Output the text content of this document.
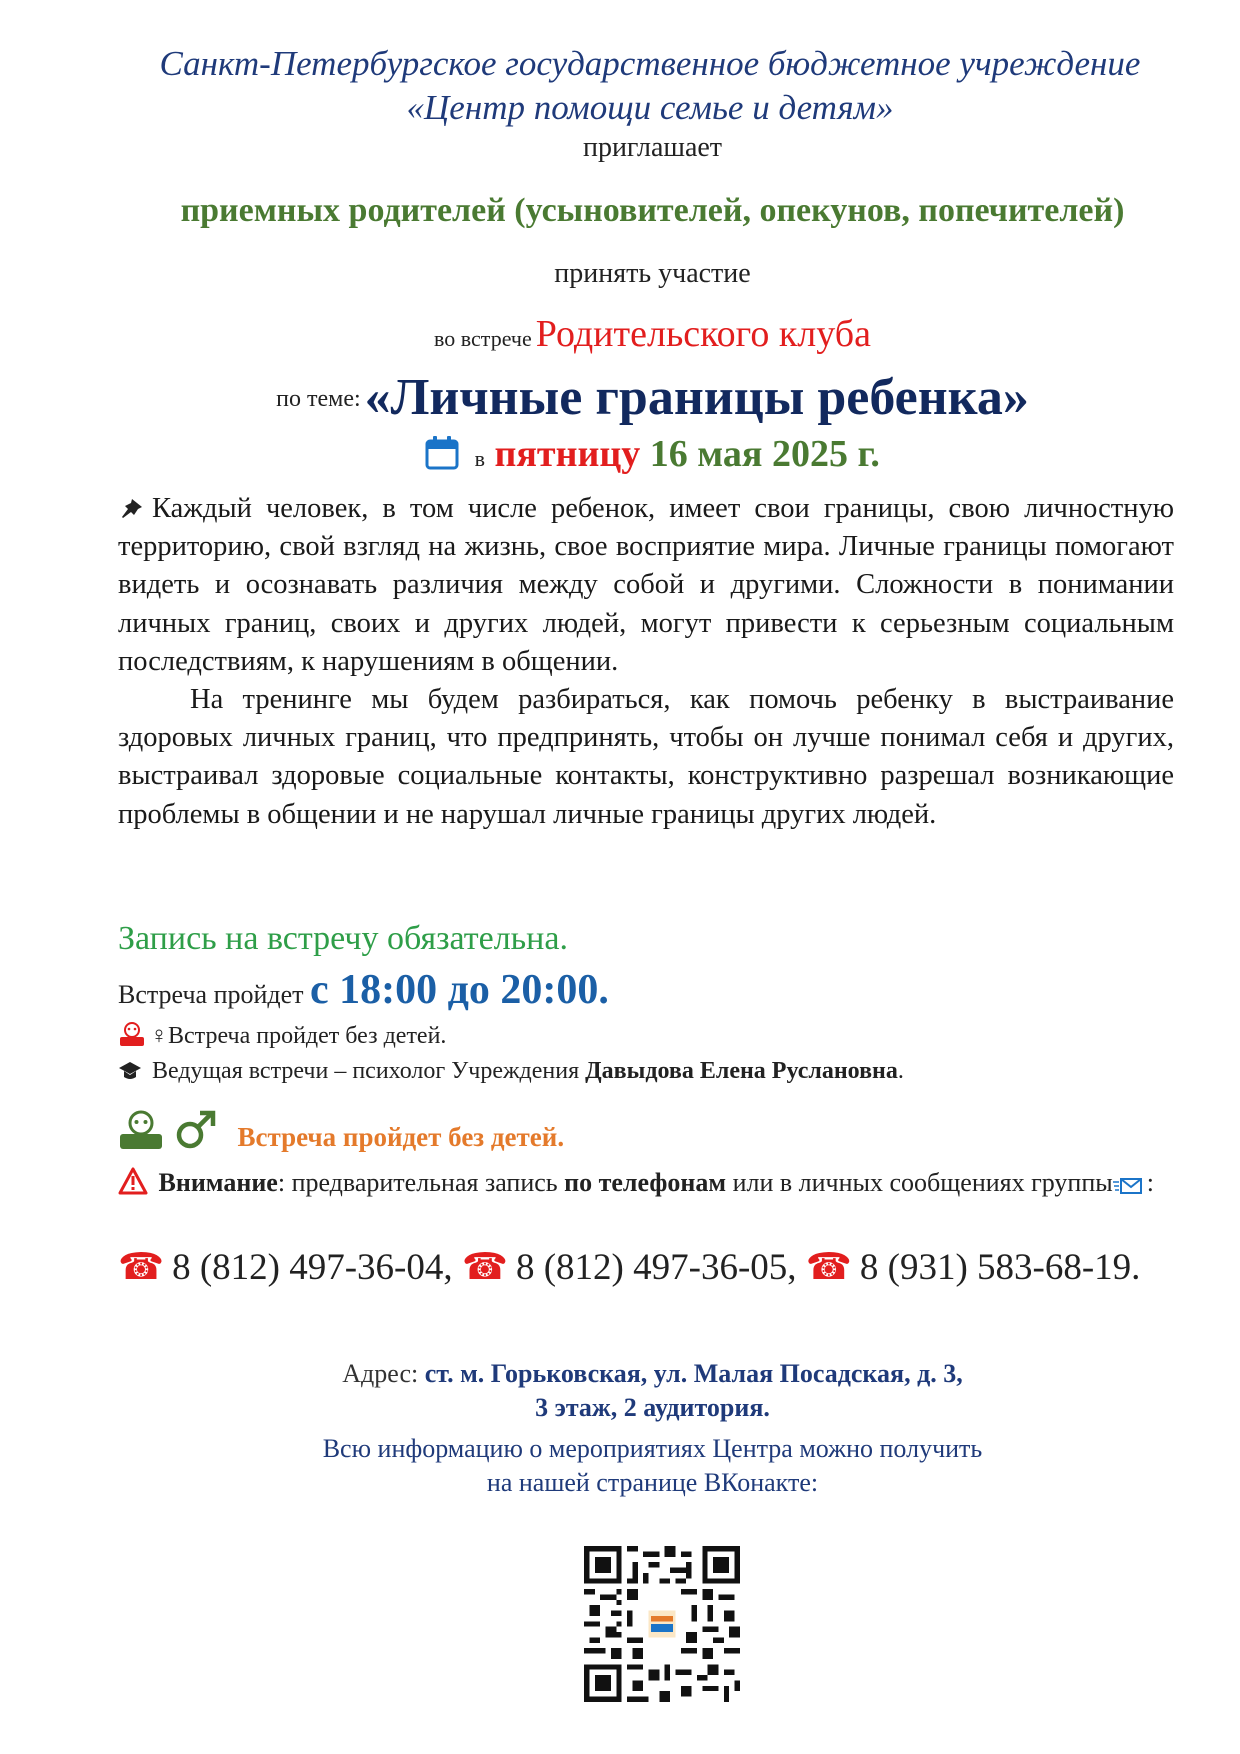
Санкт-Петербургское государственное бюджетное учреждение
«Центр помощи семье и детям»
приглашает
приемных родителей (усыновителей, опекунов, попечителей)
принять участие
во встрече Родительского клуба
по теме: «Личные границы ребенка»
в пятницу 16 мая 2025 г.

Каждый человек, в том числе ребенок, имеет свои границы, свою личностную территорию, свой взгляд на жизнь, свое восприятие мира. Личные границы помогают видеть и осознавать различия между собой и другими. Сложности в понимании личных границ, своих и других людей, могут привести к серьезным социальным последствиям, к нарушениям в общении.

На тренинге мы будем разбираться, как помочь ребенку в выстраивание здоровых личных границ, что предпринять, чтобы он лучше понимал себя и других, выстраивал здоровые социальные контакты, конструктивно разрешал возникающие проблемы в общении и не нарушал личные границы других людей.

Запись на встречу обязательна.
Встреча пройдет с 18:00 до 20:00.
♀Встреча пройдет без детей.
Ведущая встречи – психолог Учреждения Давыдова Елена Руслановна.
Встреча пройдет без детей.
Внимание: предварительная запись по телефонам или в личных сообщениях группы :
☎ 8 (812) 497-36-04, ☎ 8 (812) 497-36-05, ☎ 8 (931) 583-68-19.
Адрес: ст. м. Горьковская, ул. Малая Посадская, д. 3,
3 этаж, 2 аудитория.
Всю информацию о мероприятиях Центра можно получить
на нашей странице ВКонакте:
